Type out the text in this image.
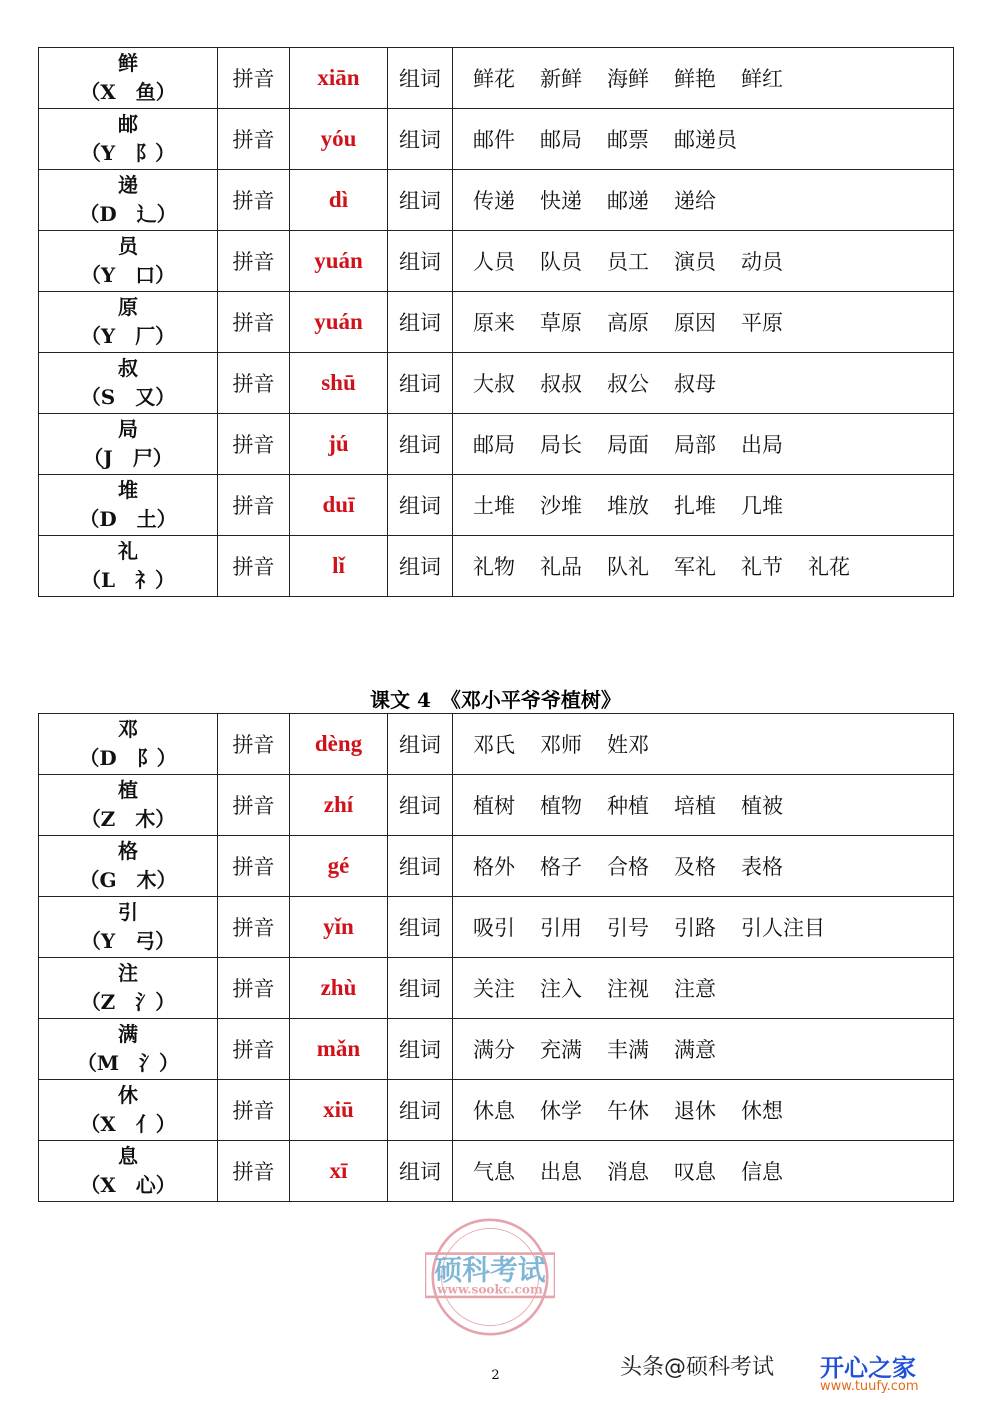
鲜
（X　鱼）	拼音	xiān	组词	鲜花 新鲜 海鲜 鲜艳 鲜红

邮
（Y　阝）	拼音	yóu	组词	邮件 邮局 邮票 邮递员

递
（D　辶）	拼音	dì	组词	传递 快递 邮递 递给

员
（Y　口）	拼音	yuán	组词	人员 队员 员工 演员 动员

原
（Y　厂）	拼音	yuán	组词	原来 草原 高原 原因 平原

叔
（S　又）	拼音	shū	组词	大叔 叔叔 叔公 叔母

局
（J　尸）	拼音	jú	组词	邮局 局长 局面 局部 出局

堆
（D　土）	拼音	duī	组词	土堆 沙堆 堆放 扎堆 几堆

礼
（L　礻）	拼音	lǐ	组词	礼物 礼品 队礼 军礼 礼节 礼花
课文 4　《邓小平爷爷植树》
邓
（D　阝）	拼音	dèng	组词	邓氏 邓师 姓邓

植
（Z　木）	拼音	zhí	组词	植树 植物 种植 培植 植被

格
（G　木）	拼音	gé	组词	格外 格子 合格 及格 表格

引
（Y　弓）	拼音	yǐn	组词	吸引 引用 引号 引路 引人注目

注
（Z　氵）	拼音	zhù	组词	关注 注入 注视 注意

满
（M　氵）	拼音	mǎn	组词	满分 充满 丰满 满意

休
（X　亻）	拼音	xiū	组词	休息 休学 午休 退休 休想

息
（X　心）	拼音	xī	组词	气息 出息 消息 叹息 信息
硕科考试
www.sookc.com
2	头条@硕科考试 开心之家
www.tuufy.com
